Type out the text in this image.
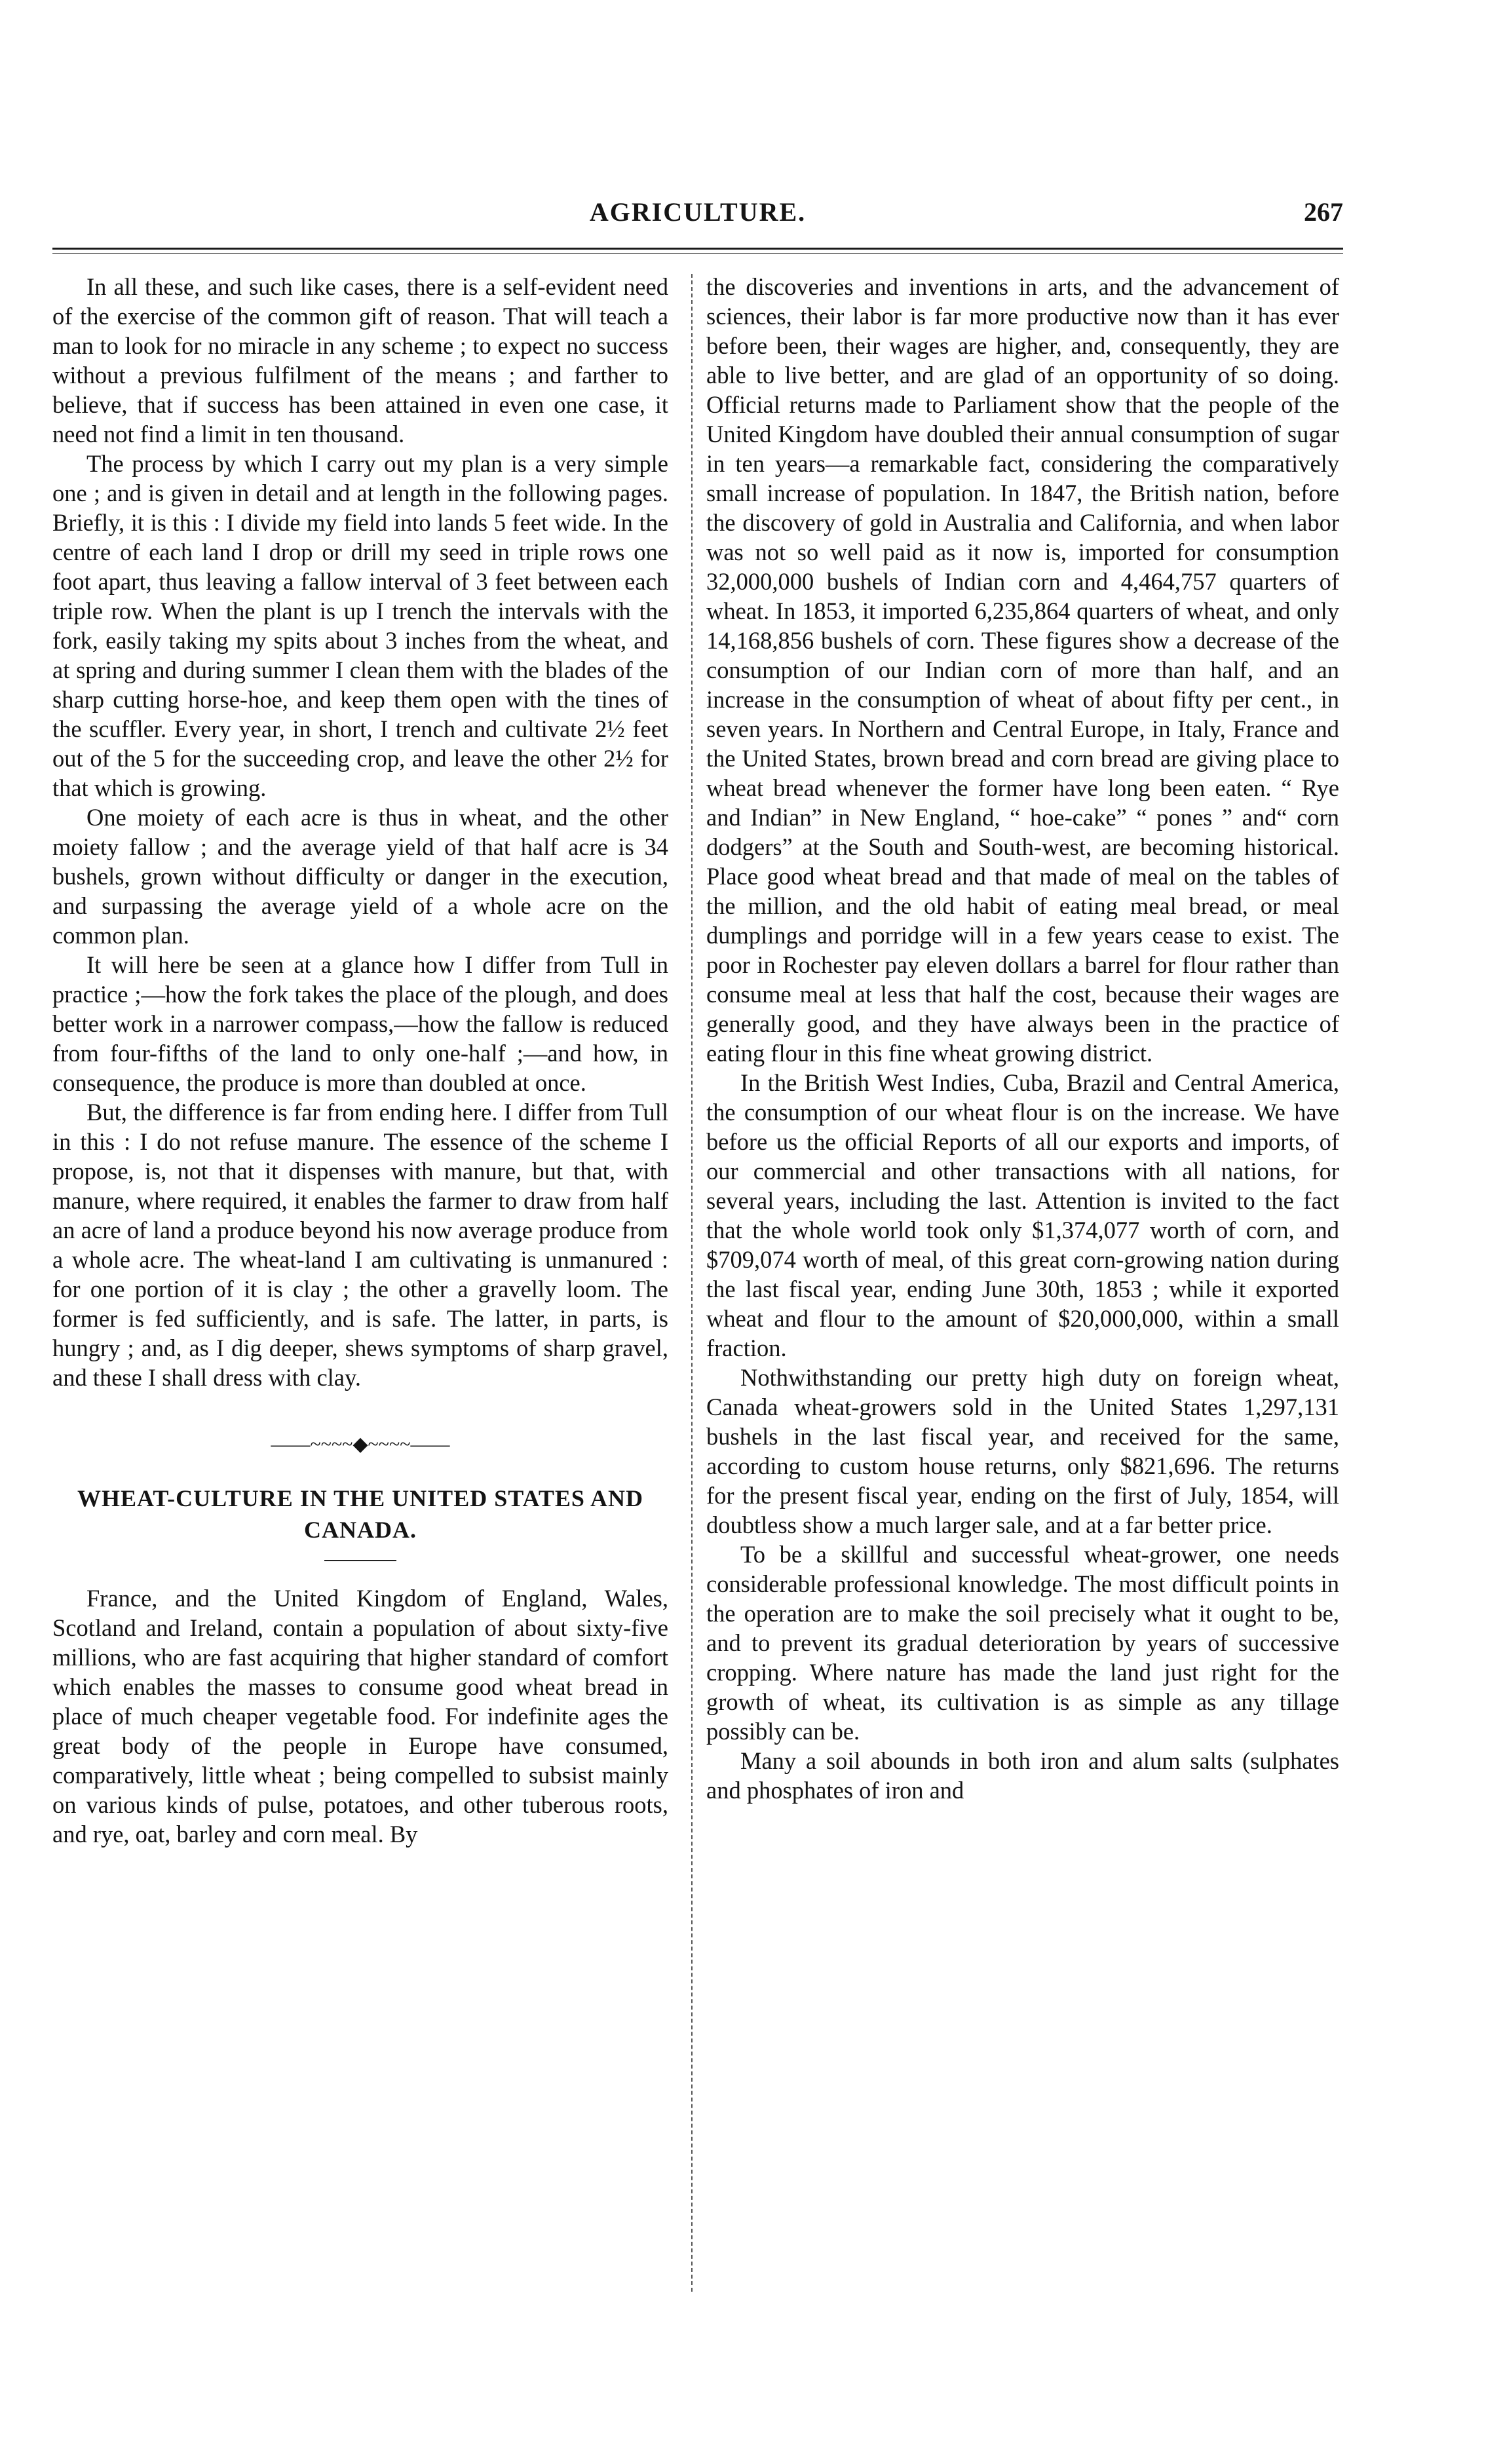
AGRICULTURE.	267

In all these, and such like cases, there is a self-evident need of the exercise of the common gift of reason. That will teach a man to look for no miracle in any scheme ; to expect no success without a previous fulfilment of the means ; and farther to believe, that if success has been attained in even one case, it need not find a limit in ten thousand.

The process by which I carry out my plan is a very simple one ; and is given in detail and at length in the following pages. Briefly, it is this : I divide my field into lands 5 feet wide. In the centre of each land I drop or drill my seed in triple rows one foot apart, thus leaving a fallow interval of 3 feet between each triple row. When the plant is up I trench the intervals with the fork, easily taking my spits about 3 inches from the wheat, and at spring and during summer I clean them with the blades of the sharp cutting horse-hoe, and keep them open with the tines of the scuffler. Every year, in short, I trench and cultivate 2½ feet out of the 5 for the succeeding crop, and leave the other 2½ for that which is growing.

One moiety of each acre is thus in wheat, and the other moiety fallow ; and the average yield of that half acre is 34 bushels, grown without difficulty or danger in the execution, and surpassing the average yield of a whole acre on the common plan.

It will here be seen at a glance how I differ from Tull in practice ;—how the fork takes the place of the plough, and does better work in a narrower compass,—how the fallow is reduced from four-fifths of the land to only one-half ;—and how, in consequence, the produce is more than doubled at once.

But, the difference is far from ending here. I differ from Tull in this : I do not refuse manure. The essence of the scheme I propose, is, not that it dispenses with manure, but that, with manure, where required, it enables the farmer to draw from half an acre of land a produce beyond his now average produce from a whole acre. The wheat-land I am cultivating is unmanured : for one portion of it is clay ; the other a gravelly loom. The former is fed sufficiently, and is safe. The latter, in parts, is hungry ; and, as I dig deeper, shews symptoms of sharp gravel, and these I shall dress with clay.

——~~~~◆~~~~——
WHEAT-CULTURE IN THE UNITED STATES AND
CANADA.

France, and the United Kingdom of England, Wales, Scotland and Ireland, contain a population of about sixty-five millions, who are fast acquiring that higher standard of comfort which enables the masses to consume good wheat bread in place of much cheaper vegetable food. For indefinite ages the great body of the people in Europe have consumed, comparatively, little wheat ; being compelled to subsist mainly on various kinds of pulse, potatoes, and other tuberous roots, and rye, oat, barley and corn meal. By

the discoveries and inventions in arts, and the advancement of sciences, their labor is far more productive now than it has ever before been, their wages are higher, and, consequently, they are able to live better, and are glad of an opportunity of so doing. Official returns made to Parliament show that the people of the United Kingdom have doubled their annual consumption of sugar in ten years—a remarkable fact, considering the comparatively small increase of population. In 1847, the British nation, before the discovery of gold in Australia and California, and when labor was not so well paid as it now is, imported for consumption 32,000,000 bushels of Indian corn and 4,464,757 quarters of wheat. In 1853, it imported 6,235,864 quarters of wheat, and only 14,168,856 bushels of corn. These figures show a decrease of the consumption of our Indian corn of more than half, and an increase in the consumption of wheat of about fifty per cent., in seven years. In Northern and Central Europe, in Italy, France and the United States, brown bread and corn bread are giving place to wheat bread whenever the former have long been eaten. “ Rye and Indian” in New England, “ hoe-cake” “ pones ” and“ corn dodgers” at the South and South-west, are becoming historical. Place good wheat bread and that made of meal on the tables of the million, and the old habit of eating meal bread, or meal dumplings and porridge will in a few years cease to exist. The poor in Rochester pay eleven dollars a barrel for flour rather than consume meal at less that half the cost, because their wages are generally good, and they have always been in the practice of eating flour in this fine wheat growing district.

In the British West Indies, Cuba, Brazil and Central America, the consumption of our wheat flour is on the increase. We have before us the official Reports of all our exports and imports, of our commercial and other transactions with all nations, for several years, including the last. Attention is invited to the fact that the whole world took only $1,374,077 worth of corn, and $709,074 worth of meal, of this great corn-growing nation during the last fiscal year, ending June 30th, 1853 ; while it exported wheat and flour to the amount of $20,000,000, within a small fraction.

Nothwithstanding our pretty high duty on foreign wheat, Canada wheat-growers sold in the United States 1,297,131 bushels in the last fiscal year, and received for the same, according to custom house returns, only $821,696. The returns for the present fiscal year, ending on the first of July, 1854, will doubtless show a much larger sale, and at a far better price.

To be a skillful and successful wheat-grower, one needs considerable professional knowledge. The most difficult points in the operation are to make the soil precisely what it ought to be, and to prevent its gradual deterioration by years of successive cropping. Where nature has made the land just right for the growth of wheat, its cultivation is as simple as any tillage possibly can be.

Many a soil abounds in both iron and alum salts (sulphates and phosphates of iron and
